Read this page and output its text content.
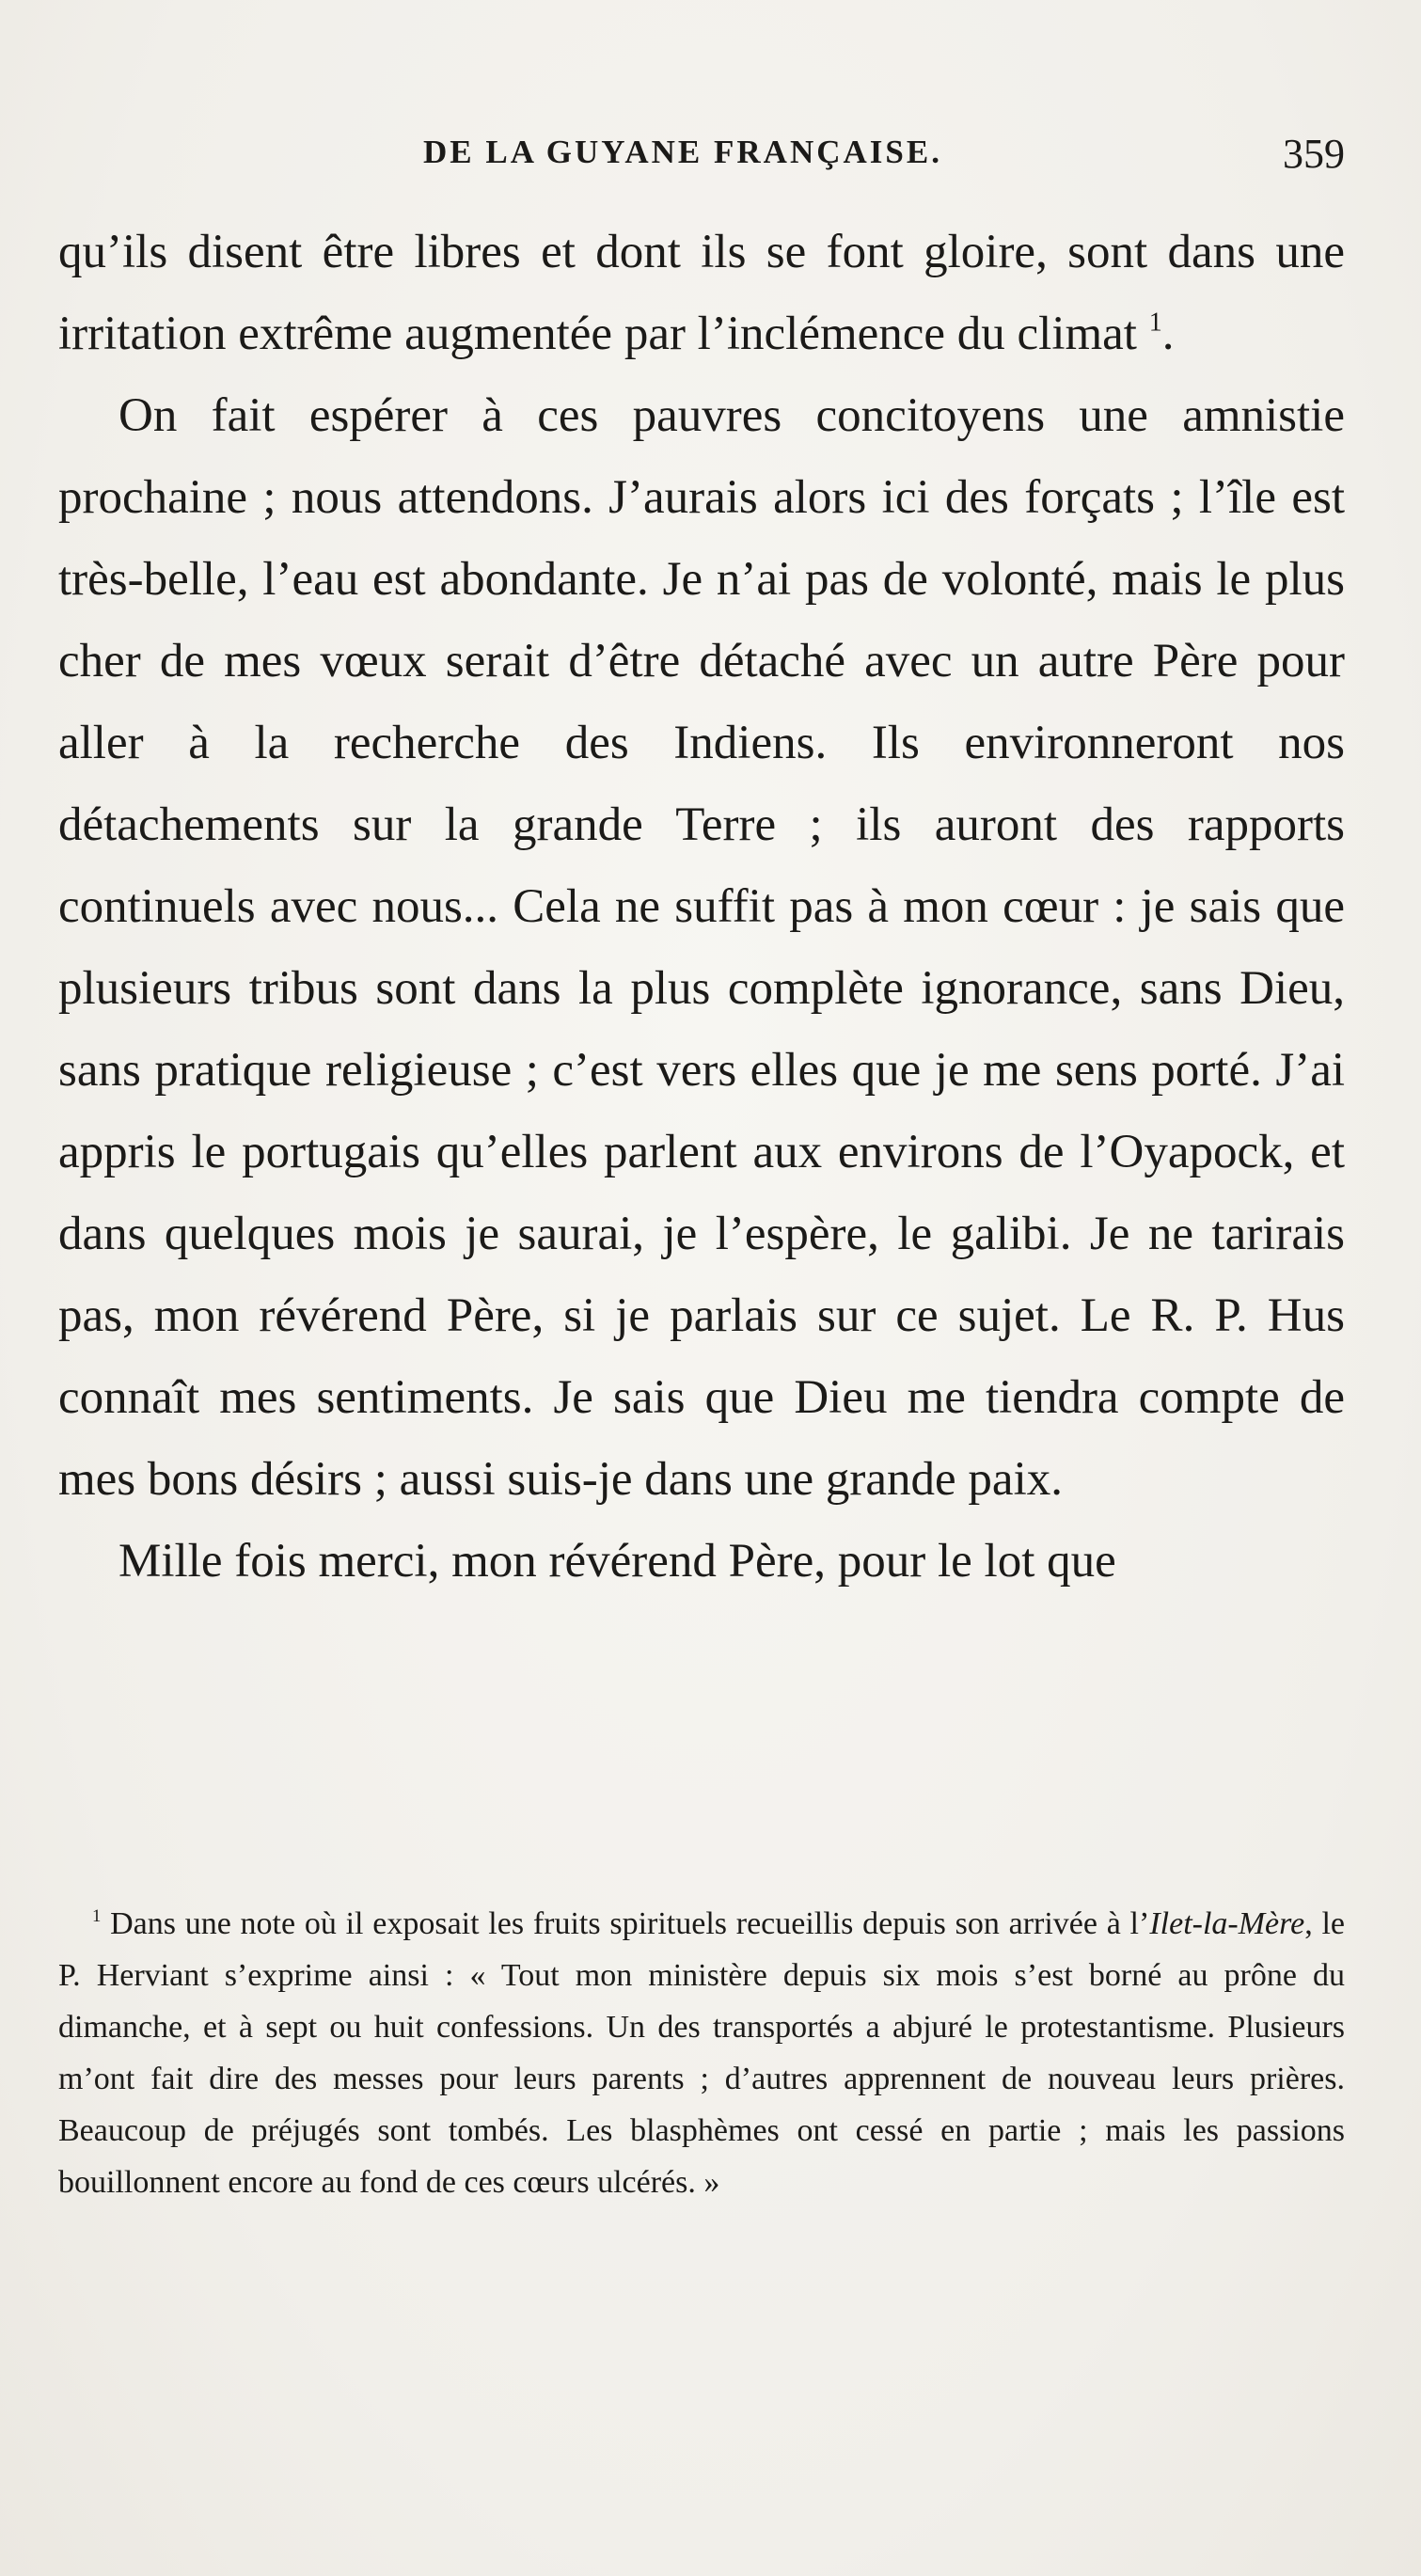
DE LA GUYANE FRANÇAISE.	359

qu’ils disent être libres et dont ils se font gloire, sont dans une irritation extrême augmentée par l’inclémence du climat $^1$.

On fait espérer à ces pauvres concitoyens une amnistie prochaine ; nous attendons. J’aurais alors ici des forçats ; l’île est très-belle, l’eau est abondante. Je n’ai pas de volonté, mais le plus cher de mes vœux serait d’être détaché avec un autre Père pour aller à la recherche des Indiens. Ils environneront nos détachements sur la grande Terre ; ils auront des rapports continuels avec nous... Cela ne suffit pas à mon cœur : je sais que plusieurs tribus sont dans la plus complète ignorance, sans Dieu, sans pratique religieuse ; c’est vers elles que je me sens porté. J’ai appris le portugais qu’elles parlent aux environs de l’Oyapock, et dans quelques mois je saurai, je l’espère, le galibi. Je ne tarirais pas, mon révérend Père, si je parlais sur ce sujet. Le R. P. Hus connaît mes sentiments. Je sais que Dieu me tiendra compte de mes bons désirs ; aussi suis-je dans une grande paix.

Mille fois merci, mon révérend Père, pour le lot que

$^1$ Dans une note où il exposait les fruits spirituels recueillis depuis son arrivée à l’Ilet-la-Mère, le P. Herviant s’exprime ainsi : « Tout mon ministère depuis six mois s’est borné au prône du dimanche, et à sept ou huit confessions. Un des transportés a abjuré le protestantisme. Plusieurs m’ont fait dire des messes pour leurs parents ; d’autres apprennent de nouveau leurs prières. Beaucoup de préjugés sont tombés. Les blasphèmes ont cessé en partie ; mais les passions bouillonnent encore au fond de ces cœurs ulcérés. »
